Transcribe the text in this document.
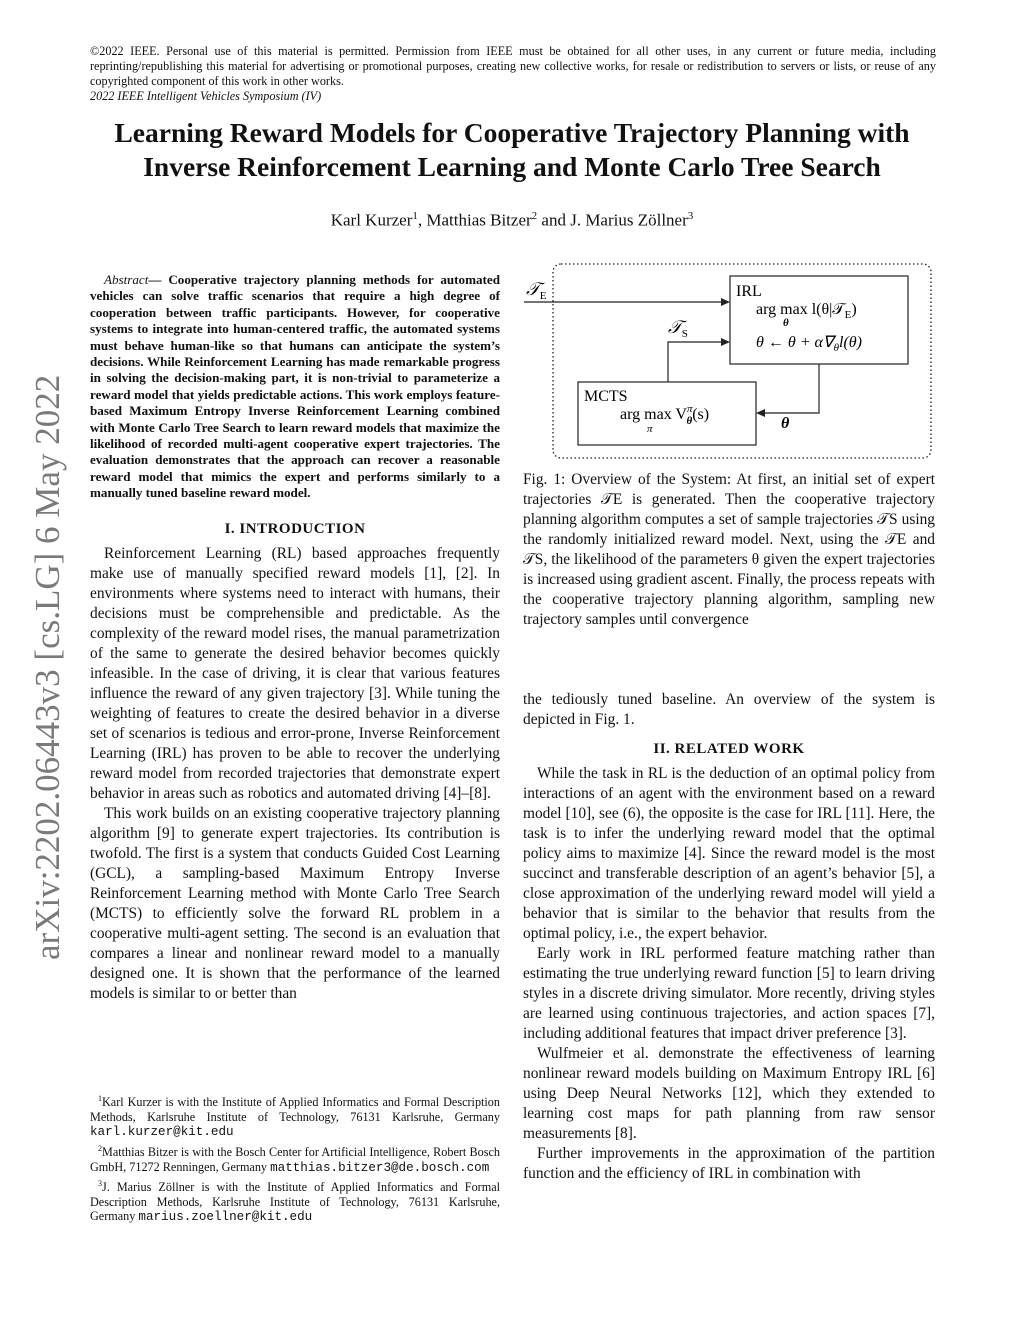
©2022 IEEE. Personal use of this material is permitted. Permission from IEEE must be obtained for all other uses, in any current or future media, including reprinting/republishing this material for advertising or promotional purposes, creating new collective works, for resale or redistribution to servers or lists, or reuse of any copyrighted component of this work in other works.
2022 IEEE Intelligent Vehicles Symposium (IV)
Learning Reward Models for Cooperative Trajectory Planning with
Inverse Reinforcement Learning and Monte Carlo Tree Search
Karl Kurzer$^1$, Matthias Bitzer$^2$ and J. Marius Zöllner$^3$
arXiv:2202.06443v3 [cs.LG] 6 May 2022
Abstract— Cooperative trajectory planning methods for automated vehicles can solve traffic scenarios that require a high degree of cooperation between traffic participants. However, for cooperative systems to integrate into human-centered traffic, the automated systems must behave human-like so that humans can anticipate the system’s decisions. While Reinforcement Learning has made remarkable progress in solving the decision-making part, it is non-trivial to parameterize a reward model that yields predictable actions. This work employs feature-based Maximum Entropy Inverse Reinforcement Learning combined with Monte Carlo Tree Search to learn reward models that maximize the likelihood of recorded multi-agent cooperative expert trajectories. The evaluation demonstrates that the approach can recover a reasonable reward model that mimics the expert and performs similarly to a manually tuned baseline reward model.
I. INTRODUCTION

Reinforcement Learning (RL) based approaches frequently make use of manually specified reward models [1], [2]. In environments where systems need to interact with humans, their decisions must be comprehensible and predictable. As the complexity of the reward model rises, the manual parametrization of the same to generate the desired behavior becomes quickly infeasible. In the case of driving, it is clear that various features influence the reward of any given trajectory [3]. While tuning the weighting of features to create the desired behavior in a diverse set of scenarios is tedious and error-prone, Inverse Reinforcement Learning (IRL) has proven to be able to recover the underlying reward model from recorded trajectories that demonstrate expert behavior in areas such as robotics and automated driving [4]–[8].

This work builds on an existing cooperative trajectory planning algorithm [9] to generate expert trajectories. Its contribution is twofold. The first is a system that conducts Guided Cost Learning (GCL), a sampling-based Maximum Entropy Inverse Reinforcement Learning method with Monte Carlo Tree Search (MCTS) to efficiently solve the forward RL problem in a cooperative multi-agent setting. The second is an evaluation that compares a linear and nonlinear reward model to a manually designed one. It is shown that the performance of the learned models is similar to or better than

$^1$Karl Kurzer is with the Institute of Applied Informatics and Formal Description Methods, Karlsruhe Institute of Technology, 76131 Karlsruhe, Germany karl.kurzer@kit.edu

$^2$Matthias Bitzer is with the Bosch Center for Artificial Intelligence, Robert Bosch GmbH, 71272 Renningen, Germany matthias.bitzer3@de.bosch.com

$^3$J. Marius Zöllner is with the Institute of Applied Informatics and Formal Description Methods, Karlsruhe Institute of Technology, 76131 Karlsruhe, Germany marius.zoellner@kit.edu

IRL
arg max l(θ|𝒯$_E$)
θ
θ ← $\theta + \alpha\nabla_\theta l(\theta)$
MCTS
arg $\max V^\pi$ θ(s)
π
𝒯$_E$
𝒯$_S$
θ
Fig. 1: Overview of the System: At first, an initial set of expert trajectories 𝒯E is generated. Then the cooperative trajectory planning algorithm computes a set of sample trajectories 𝒯S using the randomly initialized reward model. Next, using the 𝒯E and 𝒯S, the likelihood of the parameters θ given the expert trajectories is increased using gradient ascent. Finally, the process repeats with the cooperative trajectory planning algorithm, sampling new trajectory samples until convergence

the tediously tuned baseline. An overview of the system is depicted in Fig. 1.

II. RELATED WORK

While the task in RL is the deduction of an optimal policy from interactions of an agent with the environment based on a reward model [10], see (6), the opposite is the case for IRL [11]. Here, the task is to infer the underlying reward model that the optimal policy aims to maximize [4]. Since the reward model is the most succinct and transferable description of an agent’s behavior [5], a close approximation of the underlying reward model will yield a behavior that is similar to the behavior that results from the optimal policy, i.e., the expert behavior.

Early work in IRL performed feature matching rather than estimating the true underlying reward function [5] to learn driving styles in a discrete driving simulator. More recently, driving styles are learned using continuous trajectories, and action spaces [7], including additional features that impact driver preference [3].

Wulfmeier et al. demonstrate the effectiveness of learning nonlinear reward models building on Maximum Entropy IRL [6] using Deep Neural Networks [12], which they extended to learning cost maps for path planning from raw sensor measurements [8].

Further improvements in the approximation of the partition function and the efficiency of IRL in combination with
